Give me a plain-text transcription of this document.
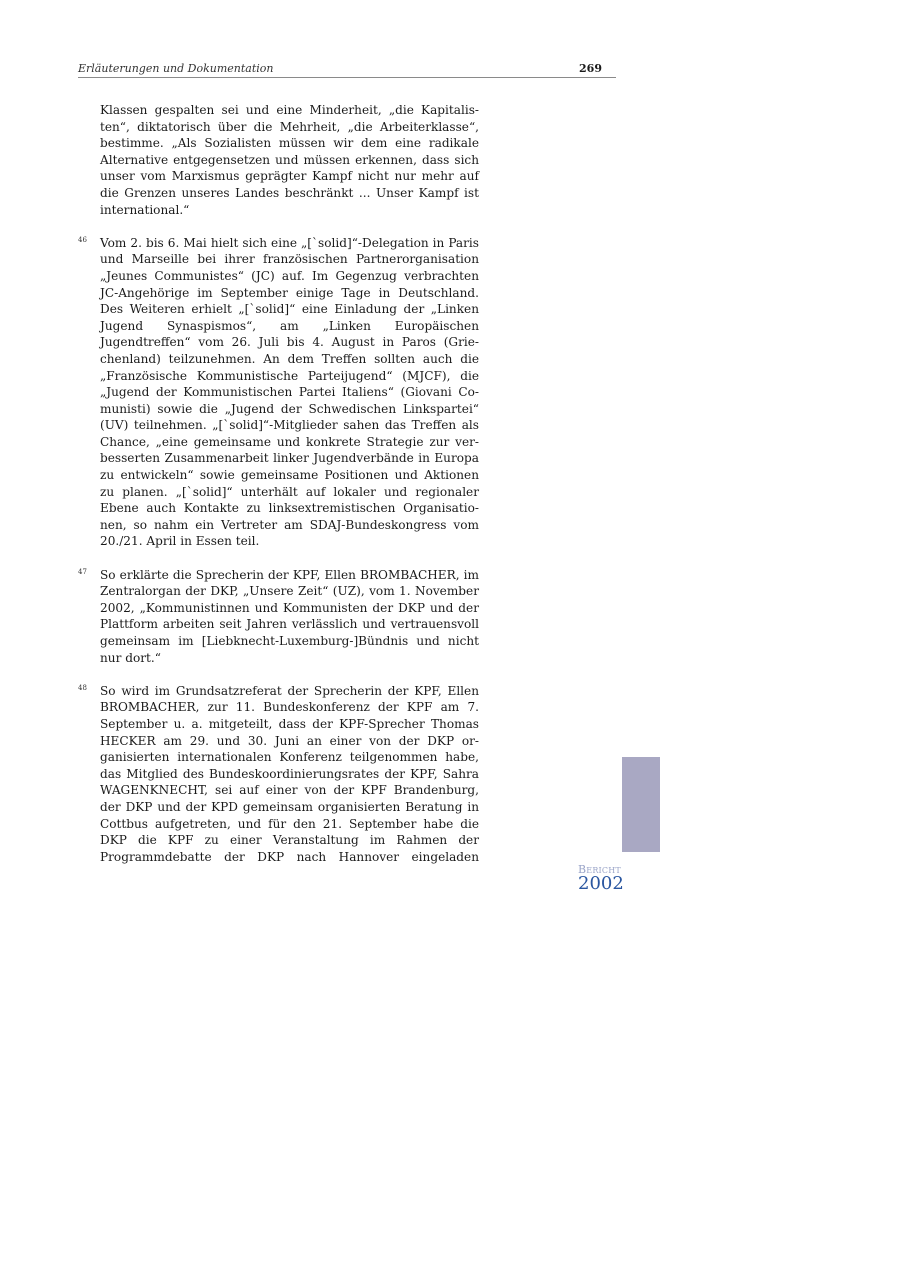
Erläuterungen und Dokumentation	269

Klassen gespalten sei und eine Minderheit, „die Kapitalisten“, diktatorisch über die Mehrheit, „die Arbeiterklasse“, bestimme. „Als Sozialisten müssen wir dem eine radikale Alternative entgegensetzen und müssen erkennen, dass sich unser vom Marxismus geprägter Kampf nicht nur mehr auf die Grenzen unseres Landes beschränkt ... Unser Kampf ist international.“

46 Vom 2. bis 6. Mai hielt sich eine „[`solid]“-Delegation in Paris und Marseille bei ihrer französischen Partnerorganisation „Jeunes Communistes“ (JC) auf. Im Gegenzug verbrachten JC-Angehörige im September einige Tage in Deutschland. Des Weiteren erhielt „[`solid]“ eine Einladung der „Linken Jugend Synaspismos“, am „Linken Europäischen Jugendtreffen“ vom 26. Juli bis 4. August in Paros (Griechenland) teilzunehmen. An dem Treffen sollten auch die „Französische Kommunistische Parteijugend“ (MJCF), die „Jugend der Kommunistischen Partei Italiens“ (Giovani Comunisti) sowie die „Jugend der Schwedischen Linkspartei“ (UV) teilnehmen. „[`solid]“-Mitglieder sahen das Treffen als Chance, „eine gemeinsame und konkrete Strategie zur verbesserten Zusammenarbeit linker Jugendverbände in Europa zu entwickeln“ sowie gemeinsame Positionen und Aktionen zu planen. „[`solid]“ unterhält auf lokaler und regionaler Ebene auch Kontakte zu linksextremistischen Organisationen, so nahm ein Vertreter am SDAJ-Bundeskongress vom 20./21. April in Essen teil.
47 So erklärte die Sprecherin der KPF, Ellen BROMBACHER, im Zentralorgan der DKP, „Unsere Zeit“ (UZ), vom 1. November 2002, „Kommunistinnen und Kommunisten der DKP und der Plattform arbeiten seit Jahren verlässlich und vertrauensvoll gemeinsam im [Liebknecht-Luxemburg-]Bündnis und nicht nur dort.“
48 So wird im Grundsatzreferat der Sprecherin der KPF, Ellen BROMBACHER, zur 11. Bundeskonferenz der KPF am 7. September u. a. mitgeteilt, dass der KPF-Sprecher Thomas HECKER am 29. und 30. Juni an einer von der DKP organisierten internationalen Konferenz teilgenommen habe, das Mitglied des Bundeskoordinierungsrates der KPF, Sahra WAGENKNECHT, sei auf einer von der KPF Brandenburg, der DKP und der KPD gemeinsam organisierten Beratung in Cottbus aufgetreten, und für den 21. September habe die DKP die KPF zu einer Veranstaltung im Rahmen der Programmdebatte der DKP nach Hannover eingeladen
Bericht
2002
